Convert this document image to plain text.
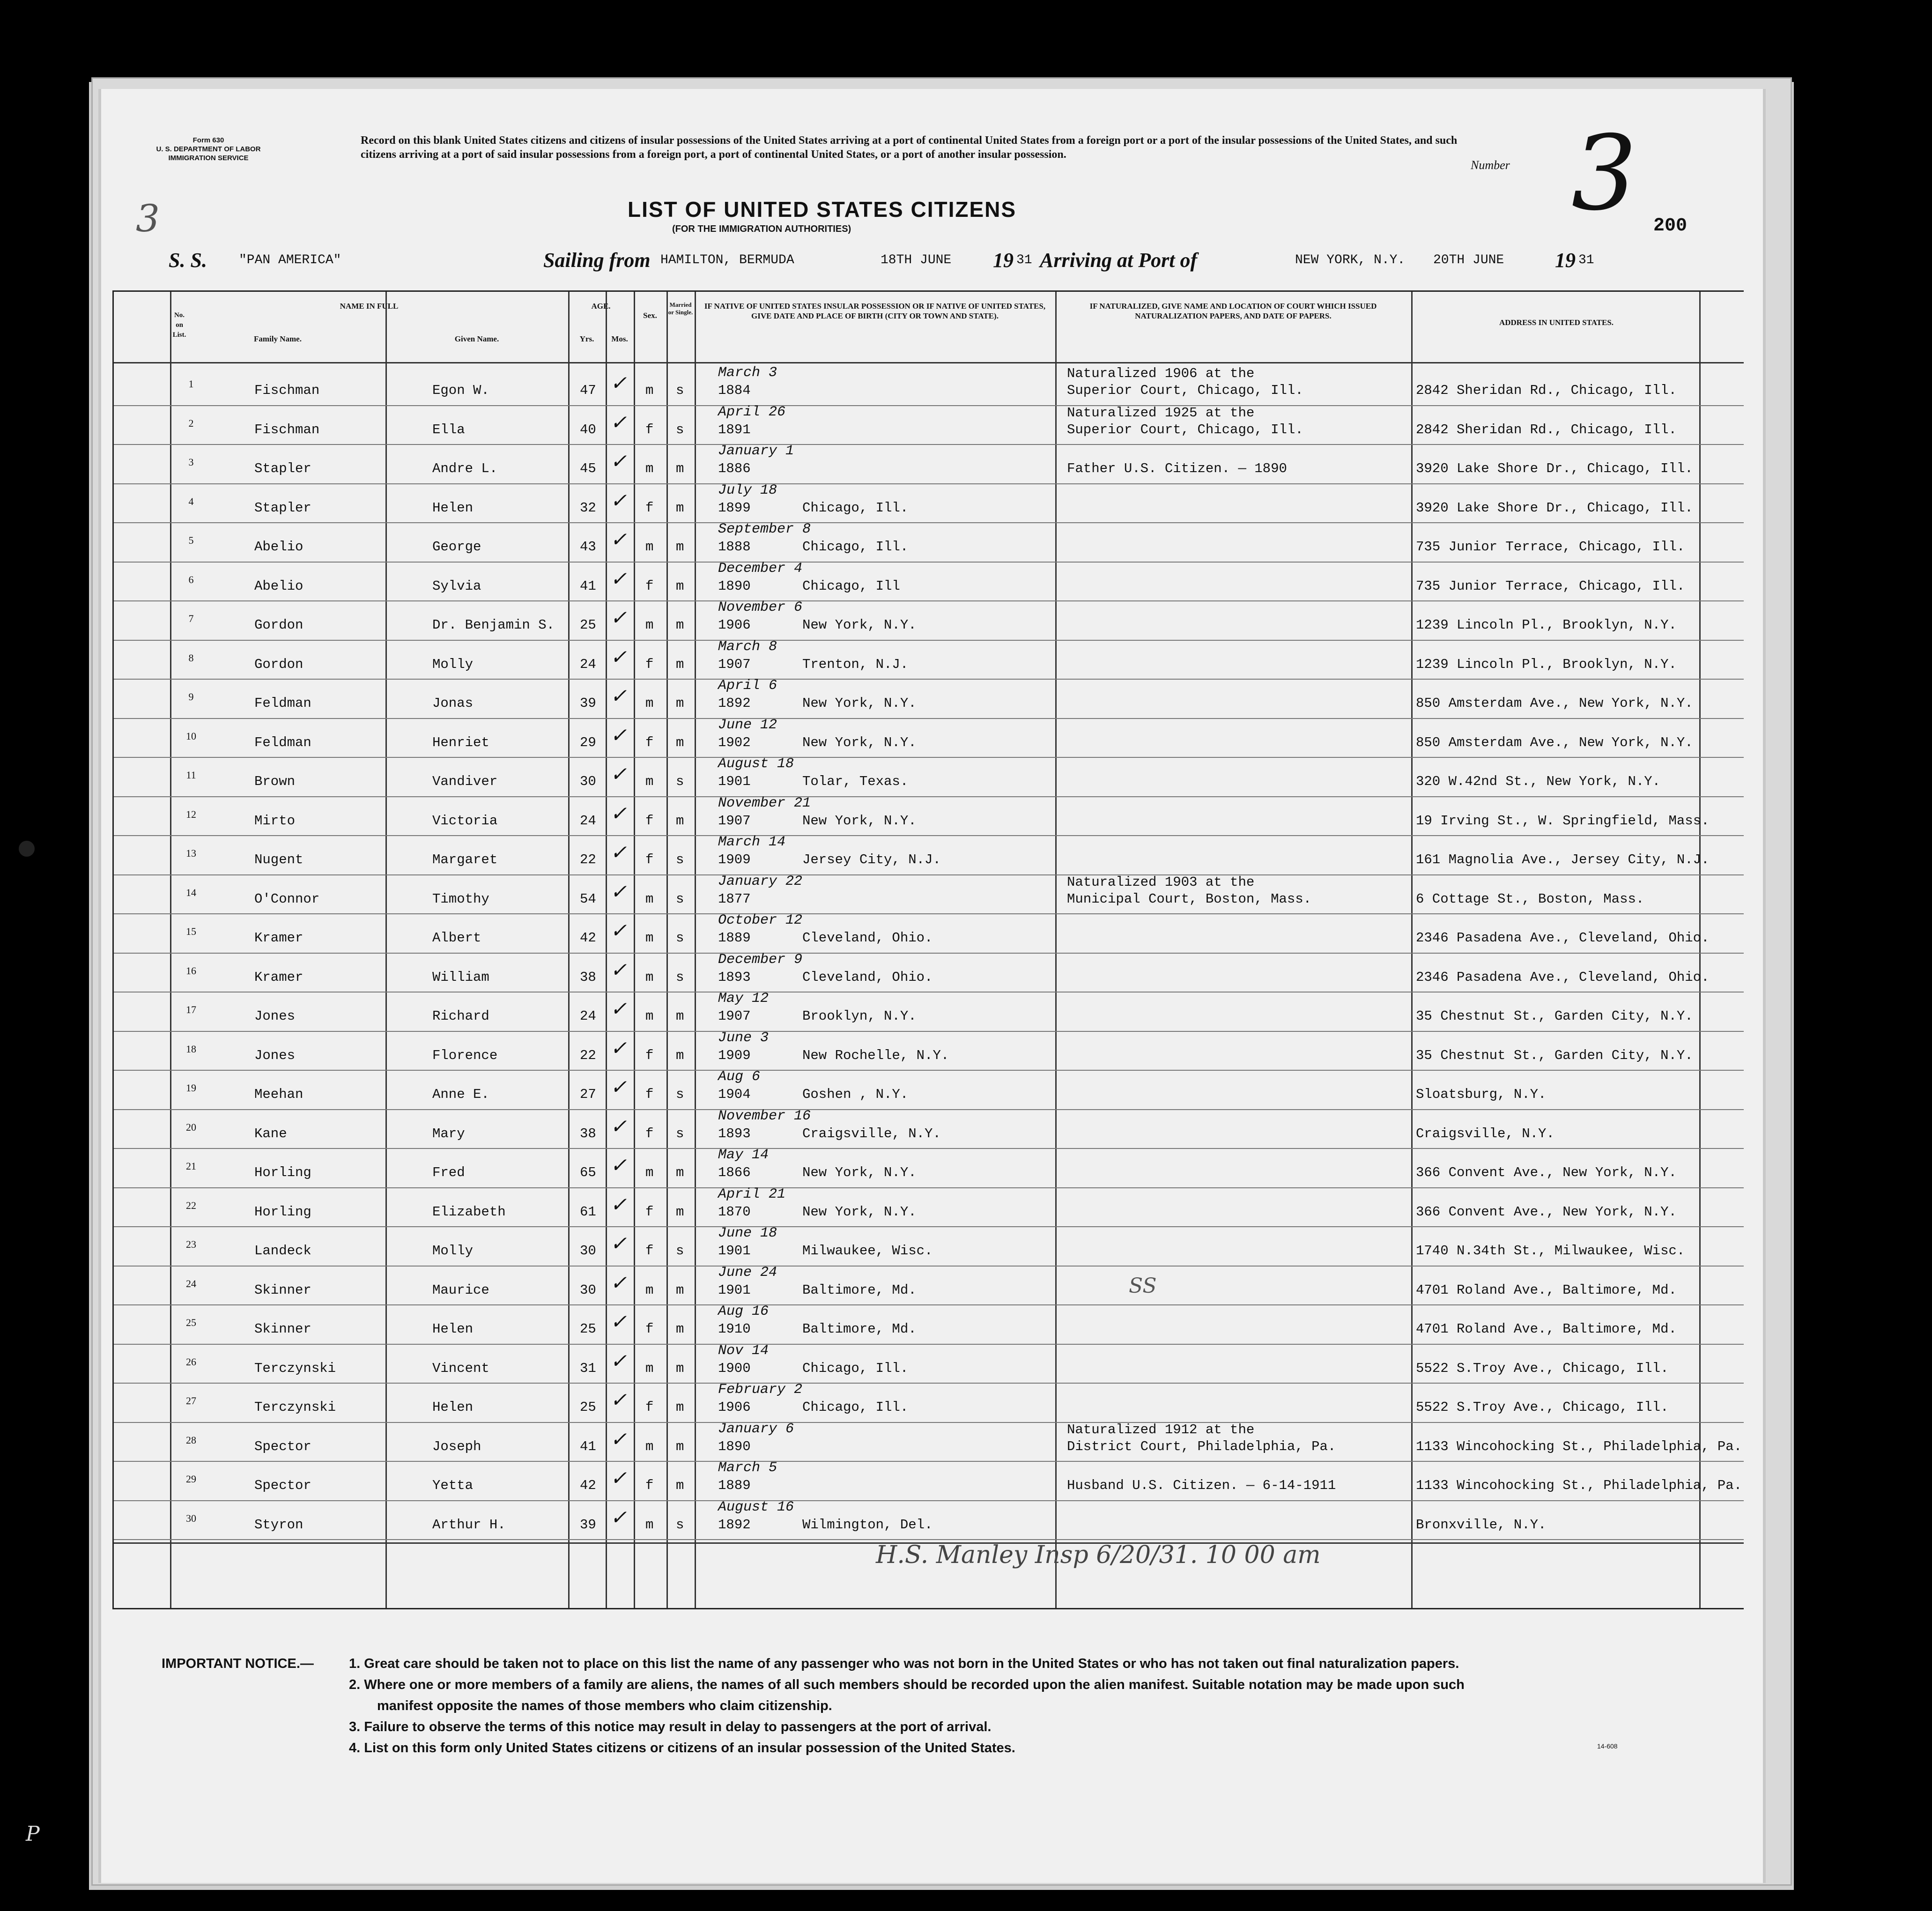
Form 630
U. S. DEPARTMENT OF LABOR
IMMIGRATION SERVICE
Record on this blank United States citizens and citizens of insular possessions of the United States arriving at a port of continental United States from a foreign port or a port of the insular possessions of the United States, and such citizens arriving at a port of said insular possessions from a foreign port, a port of continental United States, or a port of another insular possession.
3	LIST OF UNITED STATES CITIZENS
(FOR THE IMMIGRATION AUTHORITIES)
Number 3 200
S. S. "PAN AMERICA"	Sailing from HAMILTON, BERMUDA	18TH JUNE 19 31 Arriving at Port of	NEW YORK, N.Y. 20TH JUNE 19 31
No. on List.
NAME IN FULL
Family Name.	Given Name.
AGE.
Yrs.	Mos.
Sex.
Married or Single.
IF NATIVE OF UNITED STATES INSULAR POSSESSION OR IF NATIVE OF UNITED STATES, GIVE DATE AND PLACE OF BIRTH (CITY OR TOWN AND STATE).
IF NATURALIZED, GIVE NAME AND LOCATION OF COURT WHICH ISSUED NATURALIZATION PAPERS, AND DATE OF PAPERS.
ADDRESS IN UNITED STATES.
1	Fischman	Egon W.	47 ✓ m s
March 3
1884
Naturalized 1906 at the
Superior Court, Chicago, Ill.	2842 Sheridan Rd., Chicago, Ill.
2	Fischman	Ella	40 ✓ f s
April 26
1891
Naturalized 1925 at the
Superior Court, Chicago, Ill.	2842 Sheridan Rd., Chicago, Ill.
3	Stapler	Andre L.	45 ✓ m m
January 1
1886	Father U.S. Citizen. — 1890	3920 Lake Shore Dr., Chicago, Ill.
4	Stapler	Helen	32 ✓ f m
July 18
1899	Chicago, Ill.	3920 Lake Shore Dr., Chicago, Ill.
5	Abelio	George	43 ✓ m m
September 8
1888	Chicago, Ill.	735 Junior Terrace, Chicago, Ill.
6	Abelio	Sylvia	41 ✓ f m
December 4
1890	Chicago, Ill	735 Junior Terrace, Chicago, Ill.
7	Gordon	Dr. Benjamin S. 25 ✓ m m
November 6
1906	New York, N.Y.	1239 Lincoln Pl., Brooklyn, N.Y.
8	Gordon	Molly	24 ✓ f m
March 8
1907	Trenton, N.J.	1239 Lincoln Pl., Brooklyn, N.Y.
9	Feldman	Jonas	39 ✓ m m
April 6
1892	New York, N.Y.	850 Amsterdam Ave., New York, N.Y.
10	Feldman	Henriet	29 ✓ f m
June 12
1902	New York, N.Y.	850 Amsterdam Ave., New York, N.Y.
11	Brown	Vandiver	30 ✓ m s
August 18
1901	Tolar, Texas.	320 W.42nd St., New York, N.Y.
12	Mirto	Victoria	24 ✓ f m
November 21
1907	New York, N.Y.	19 Irving St., W. Springfield, Mass.
13	Nugent	Margaret	22 ✓ f s
March 14
1909	Jersey City, N.J.	161 Magnolia Ave., Jersey City, N.J.
14	O'Connor	Timothy	54 ✓ m s
January 22
1877
Naturalized 1903 at the
Municipal Court, Boston, Mass.	6 Cottage St., Boston, Mass.
15	Kramer	Albert	42 ✓ m s
October 12
1889	Cleveland, Ohio.	2346 Pasadena Ave., Cleveland, Ohio.
16	Kramer	William	38 ✓ m s
December 9
1893	Cleveland, Ohio.	2346 Pasadena Ave., Cleveland, Ohio.
17	Jones	Richard	24 ✓ m m
May 12
1907	Brooklyn, N.Y.	35 Chestnut St., Garden City, N.Y.
18	Jones	Florence	22 ✓ f m
June 3
1909	New Rochelle, N.Y.	35 Chestnut St., Garden City, N.Y.
19	Meehan	Anne E.	27 ✓ f s
Aug 6
1904	Goshen , N.Y.	Sloatsburg, N.Y.
20	Kane	Mary	38 ✓ f s
November 16
1893	Craigsville, N.Y.	Craigsville, N.Y.
21	Horling	Fred	65 ✓ m m
May 14
1866	New York, N.Y.	366 Convent Ave., New York, N.Y.
22	Horling	Elizabeth	61 ✓ f m
April 21
1870	New York, N.Y.	366 Convent Ave., New York, N.Y.
23	Landeck	Molly	30 ✓ f s
June 18
1901	Milwaukee, Wisc.	1740 N.34th St., Milwaukee, Wisc.
24	Skinner	Maurice	30 ✓ m m
June 24
1901	Baltimore, Md.	4701 Roland Ave., Baltimore, Md.
25	Skinner	Helen	25 ✓ f m
Aug 16
1910	Baltimore, Md.	4701 Roland Ave., Baltimore, Md.
26	Terczynski	Vincent	31 ✓ m m
Nov 14
1900	Chicago, Ill.	5522 S.Troy Ave., Chicago, Ill.
27	Terczynski	Helen	25 ✓ f m
February 2
1906	Chicago, Ill.	5522 S.Troy Ave., Chicago, Ill.
28	Spector	Joseph	41 ✓ m m
January 6
1890
Naturalized 1912 at the
District Court, Philadelphia, Pa.	1133 Wincohocking St., Philadelphia, Pa.
29	Spector	Yetta	42 ✓ f m
March 5
1889	Husband U.S. Citizen. — 6-14-1911	1133 Wincohocking St., Philadelphia, Pa.
30	Styron	Arthur H.	39 ✓ m s
August 16
1892	Wilmington, Del.	Bronxville, N.Y.
SS
H.S. Manley Insp 6/20/31. 10 00 am
IMPORTANT NOTICE.—	1. Great care should be taken not to place on this list the name of any passenger who was not born in the United States or who has not taken out final naturalization papers.
2. Where one or more members of a family are aliens, the names of all such members should be recorded upon the alien manifest. Suitable notation may be made upon such
manifest opposite the names of those members who claim citizenship.
3. Failure to observe the terms of this notice may result in delay to passengers at the port of arrival.
4. List on this form only United States citizens or citizens of an insular possession of the United States.	14-608
P
